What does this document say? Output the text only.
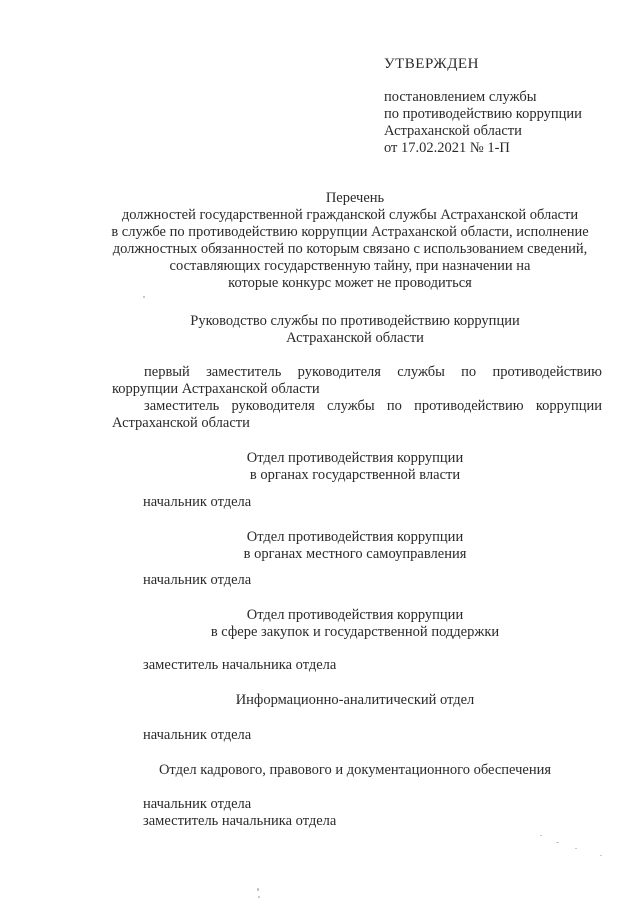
УТВЕРЖДЕН
постановлением службы
по противодействию коррупции
Астраханской области
от 17.02.2021 № 1-П
Перечень
должностей государственной гражданской службы Астраханской области
в службе по противодействию коррупции Астраханской области, исполнение
должностных обязанностей по которым связано с использованием сведений,
составляющих государственную тайну, при назначении на
которые конкурс может не проводиться
Руководство службы по противодействию коррупции
Астраханской области
первый заместитель руководителя службы по противодействию коррупции Астраханской области
заместитель руководителя службы по противодействию коррупции Астраханской области
Отдел противодействия коррупции
в органах государственной власти
начальник отдела
Отдел противодействия коррупции
в органах местного самоуправления
начальник отдела
Отдел противодействия коррупции
в сфере закупок и государственной поддержки
заместитель начальника отдела
Информационно-аналитический отдел
начальник отдела
Отдел кадрового, правового и документационного обеспечения
начальник отдела
заместитель начальника отдела
